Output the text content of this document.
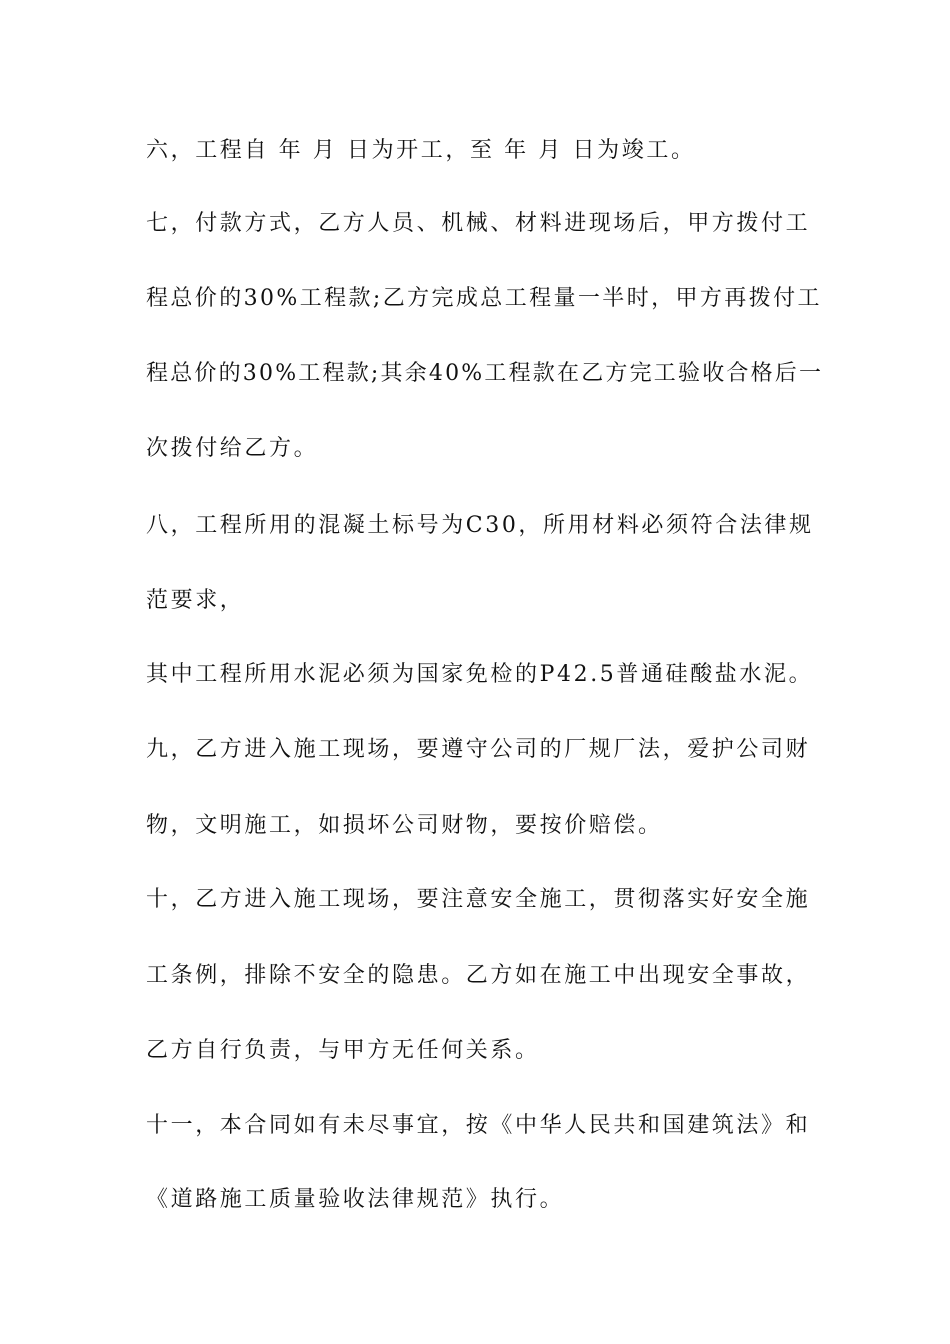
六，工程自 年 月 日为开工，至 年 月 日为竣工。
七，付款方式，乙方人员、机械、材料进现场后，甲方拨付工
程总价的30%工程款;乙方完成总工程量一半时，甲方再拨付工
程总价的30%工程款;其余40%工程款在乙方完工验收合格后一
次拨付给乙方。
八，工程所用的混凝土标号为C30，所用材料必须符合法律规
范要求，
其中工程所用水泥必须为国家免检的P42.5普通硅酸盐水泥。
九，乙方进入施工现场，要遵守公司的厂规厂法，爱护公司财
物，文明施工，如损坏公司财物，要按价赔偿。
十，乙方进入施工现场，要注意安全施工，贯彻落实好安全施
工条例，排除不安全的隐患。乙方如在施工中出现安全事故，
乙方自行负责，与甲方无任何关系。
十一，本合同如有未尽事宜，按《中华人民共和国建筑法》和
《道路施工质量验收法律规范》执行。
